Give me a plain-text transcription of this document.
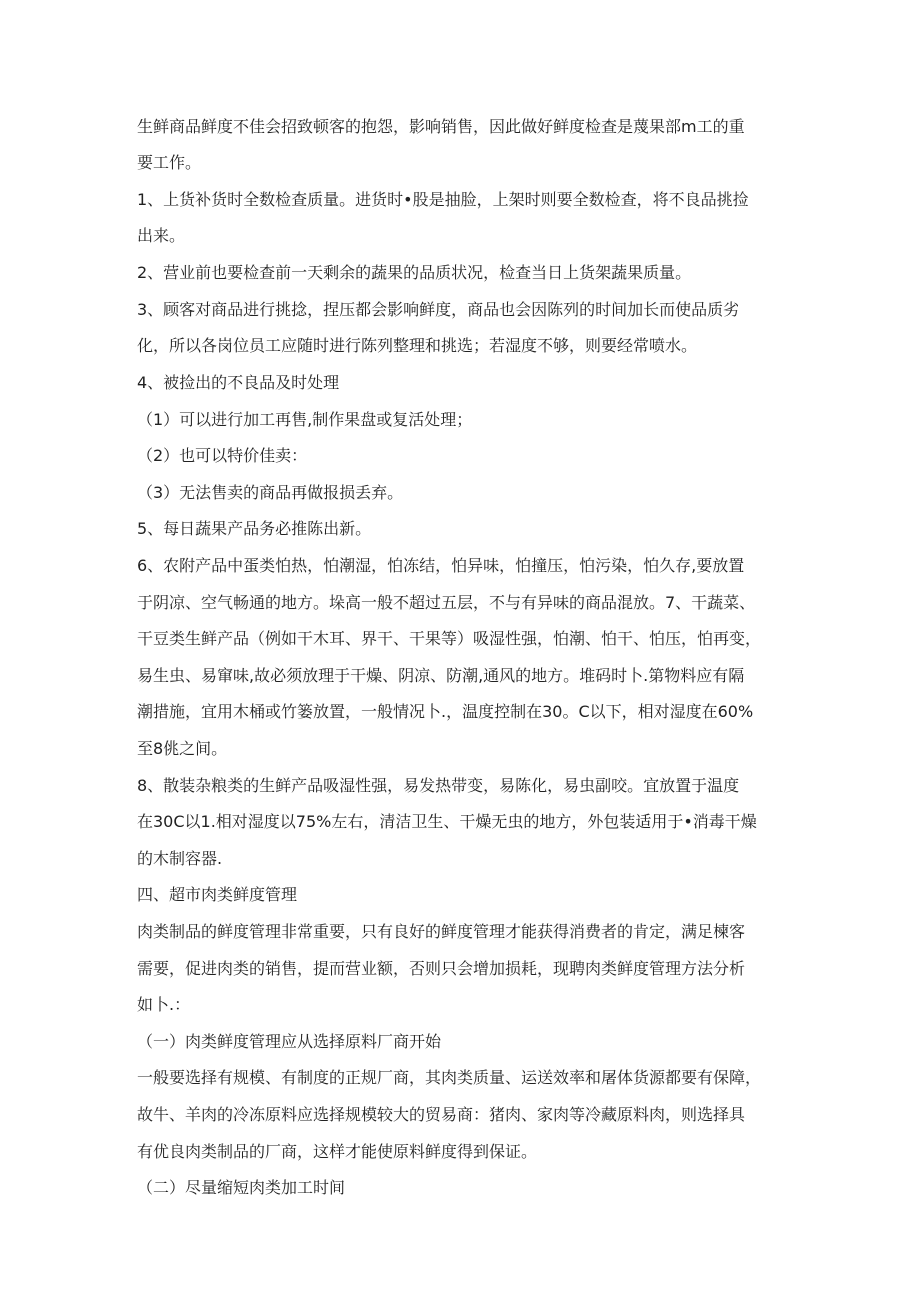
生鲜商品鲜度不佳会招致顿客的抱怨，影响销售，因此做好鲜度检查是蔑果部m工的重
要工作。
1、上货补货时全数检查质量。进货时•股是抽脸，上架时则要全数检查，将不良品挑捡
出来。
2、营业前也要检查前一天剩余的蔬果的品质状况，检查当日上货架蔬果质量。
3、顾客对商品进行挑捻，捏压都会影响鲜度，商品也会因陈列的时间加长而使品质劣
化，所以各岗位员工应随时进行陈列整理和挑选；若湿度不够，则要经常喷水。
4、被捡出的不良品及时处理
（1）可以进行加工再售,制作果盘或复活处理；
（2）也可以特价佳卖：
（3）无法售卖的商品再做报损丢弃。
5、每日蔬果产品务必推陈出新。
6、农附产品中蛋类怕热，怕潮湿，怕冻结，怕异味，怕撞压，怕污染，怕久存,要放置
于阴凉、空气畅通的地方。垛高一般不超过五层，不与有异味的商品混放。7、干蔬菜、
干豆类生鲜产品（例如干木耳、界干、干果等）吸湿性强，怕潮、怕干、怕压，怕再变，
易生虫、易窜味,故必须放理于干燥、阴凉、防潮,通风的地方。堆码时卜.第物料应有隔
潮措施，宜用木桶或竹篓放置，一般情况卜.，温度控制在30。C以下，相对湿度在60%
至8佻之间。
8、散装杂粮类的生鲜产品吸湿性强，易发热带变，易陈化，易虫副咬。宜放置于温度
在30C以1.相对湿度以75%左右，清洁卫生、干燥无虫的地方，外包装适用于•消毒干燥
的木制容器.
四、超市肉类鲜度管理
肉类制品的鲜度管理非常重要，只有良好的鲜度管理才能获得消费者的肯定，满足楝客
需要，促进肉类的销售，提而营业额，否则只会增加损耗，现聘肉类鲜度管理方法分析
如卜.：
（一）肉类鲜度管理应从选择原料厂商开始
一般要选择有规模、有制度的正规厂商，其肉类质量、运送效率和屠体货源都要有保障，
故牛、羊肉的冷冻原料应选择规模较大的贸易商：猪肉、家肉等冷藏原料肉，则选择具
有优良肉类制品的厂商，这样才能使原料鲜度得到保证。
（二）尽量缩短肉类加工时间
